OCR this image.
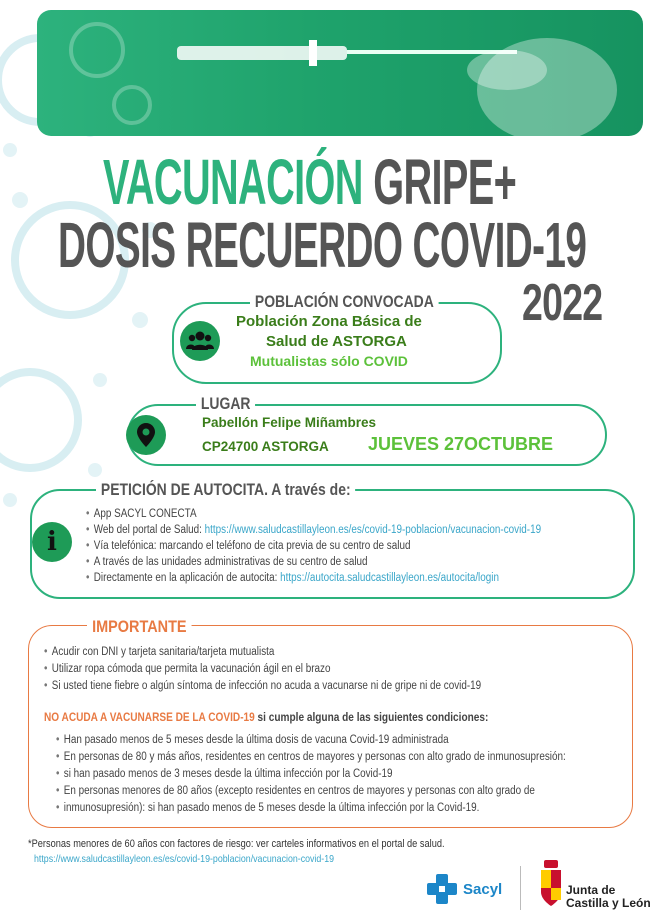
VACUNACIÓN GRIPE+
DOSIS RECUERDO COVID-19
2022
POBLACIÓN CONVOCADA
Población Zona Básica de
Salud de ASTORGA
Mutualistas sólo COVID
LUGAR
Pabellón Felipe Miñambres
CP24700 ASTORGA JUEVES 27OCTUBRE
i
PETICIÓN DE AUTOCITA. A través de:
• App SACYL CONECTA
• Web del portal de Salud: https://www.saludcastillayleon.es/es/covid-19-poblacion/vacunacion-covid-19
• Vía telefónica: marcando el teléfono de cita previa de su centro de salud
• A través de las unidades administrativas de su centro de salud
• Directamente en la aplicación de autocita: https://autocita.saludcastillayleon.es/autocita/login
IMPORTANTE
• Acudir con DNI y tarjeta sanitaria/tarjeta mutualista
• Utilizar ropa cómoda que permita la vacunación ágil en el brazo
• Si usted tiene fiebre o algún síntoma de infección no acuda a vacunarse ni de gripe ni de covid-19
NO ACUDA A VACUNARSE DE LA COVID-19 si cumple alguna de las siguientes condiciones:
• Han pasado menos de 5 meses desde la última dosis de vacuna Covid-19 administrada
• En personas de 80 y más años, residentes en centros de mayores y personas con alto grado de inmunosupresión:
• si han pasado menos de 3 meses desde la última infección por la Covid-19
• En personas menores de 80 años (excepto residentes en centros de mayores y personas con alto grado de
• inmunosupresión): si han pasado menos de 5 meses desde la última infección por la Covid-19.
*Personas menores de 60 años con factores de riesgo: ver carteles informativos en el portal de salud.
https://www.saludcastillayleon.es/es/covid-19-poblacion/vacunacion-covid-19
Sacyl	Junta de
Castilla y León
